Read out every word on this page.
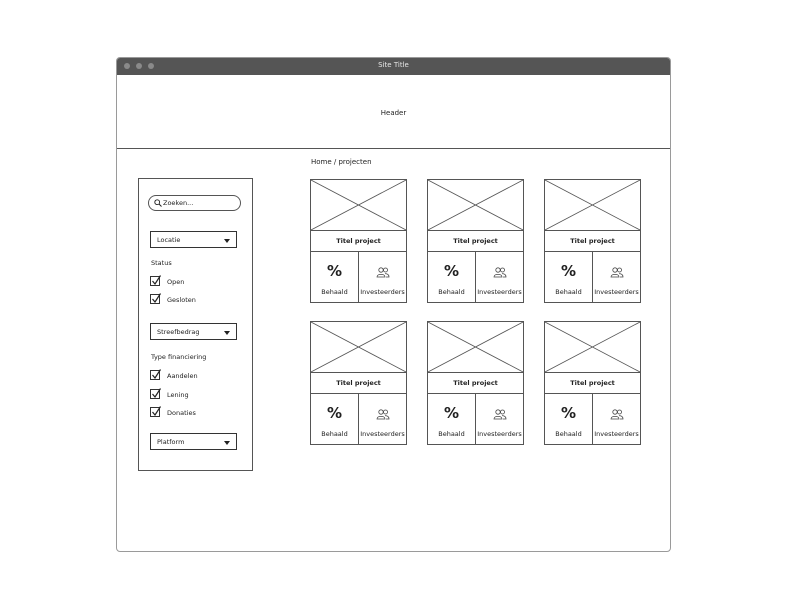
Site Title
Header
Home / projecten
Zoeken...
Locatie
Status
Open
Gesloten
Streefbedrag
Type financiering
Aandelen
Lening
Donaties
Platform
Titel project
%
Behaald	Investeerders
Titel project
%
Behaald	Investeerders
Titel project
%
Behaald	Investeerders
Titel project
%
Behaald	Investeerders
Titel project
%
Behaald	Investeerders
Titel project
%
Behaald	Investeerders
